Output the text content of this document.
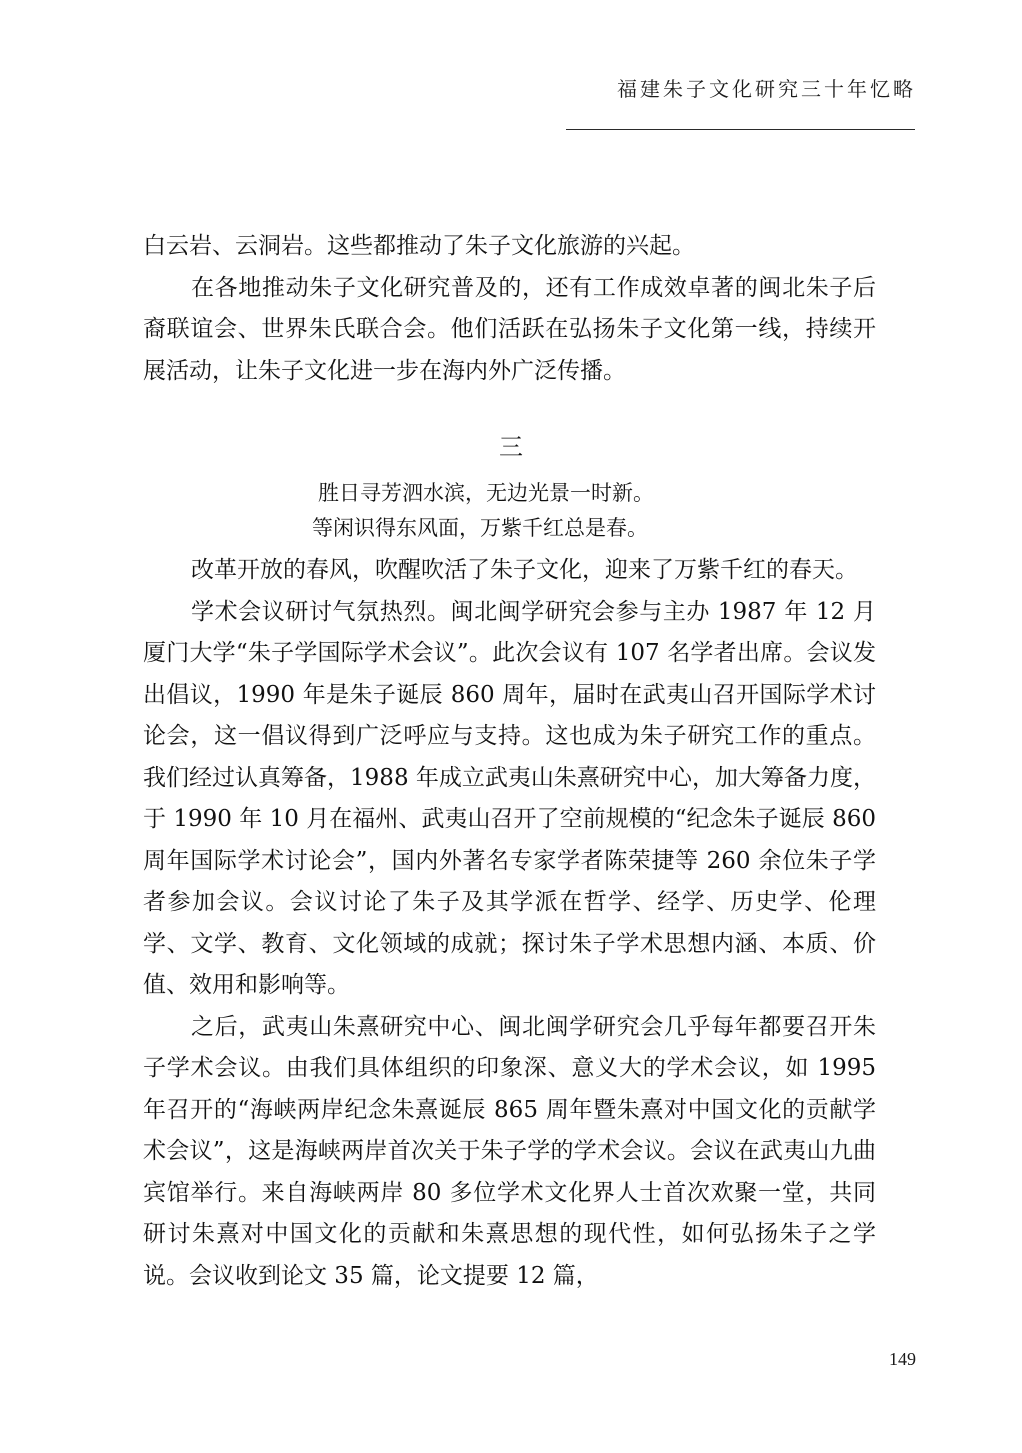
福建朱子文化研究三十年忆略

白云岩、云洞岩。这些都推动了朱子文化旅游的兴起。

在各地推动朱子文化研究普及的，还有工作成效卓著的闽北朱子后裔联谊会、世界朱氏联合会。他们活跃在弘扬朱子文化第一线，持续开展活动，让朱子文化进一步在海内外广泛传播。

三
胜日寻芳泗水滨，无边光景一时新。
等闲识得东风面，万紫千红总是春。

改革开放的春风，吹醒吹活了朱子文化，迎来了万紫千红的春天。

学术会议研讨气氛热烈。闽北闽学研究会参与主办 1987 年 12 月厦门大学“朱子学国际学术会议”。此次会议有 107 名学者出席。会议发出倡议，1990 年是朱子诞辰 860 周年，届时在武夷山召开国际学术讨论会，这一倡议得到广泛呼应与支持。这也成为朱子研究工作的重点。我们经过认真筹备，1988 年成立武夷山朱熹研究中心，加大筹备力度，于 1990 年 10 月在福州、武夷山召开了空前规模的“纪念朱子诞辰 860 周年国际学术讨论会”，国内外著名专家学者陈荣捷等 260 余位朱子学者参加会议。会议讨论了朱子及其学派在哲学、经学、历史学、伦理学、文学、教育、文化领域的成就；探讨朱子学术思想内涵、本质、价值、效用和影响等。

之后，武夷山朱熹研究中心、闽北闽学研究会几乎每年都要召开朱子学术会议。由我们具体组织的印象深、意义大的学术会议，如 1995 年召开的“海峡两岸纪念朱熹诞辰 865 周年暨朱熹对中国文化的贡献学术会议”，这是海峡两岸首次关于朱子学的学术会议。会议在武夷山九曲宾馆举行。来自海峡两岸 80 多位学术文化界人士首次欢聚一堂，共同研讨朱熹对中国文化的贡献和朱熹思想的现代性，如何弘扬朱子之学说。会议收到论文 35 篇，论文提要 12 篇，

149
